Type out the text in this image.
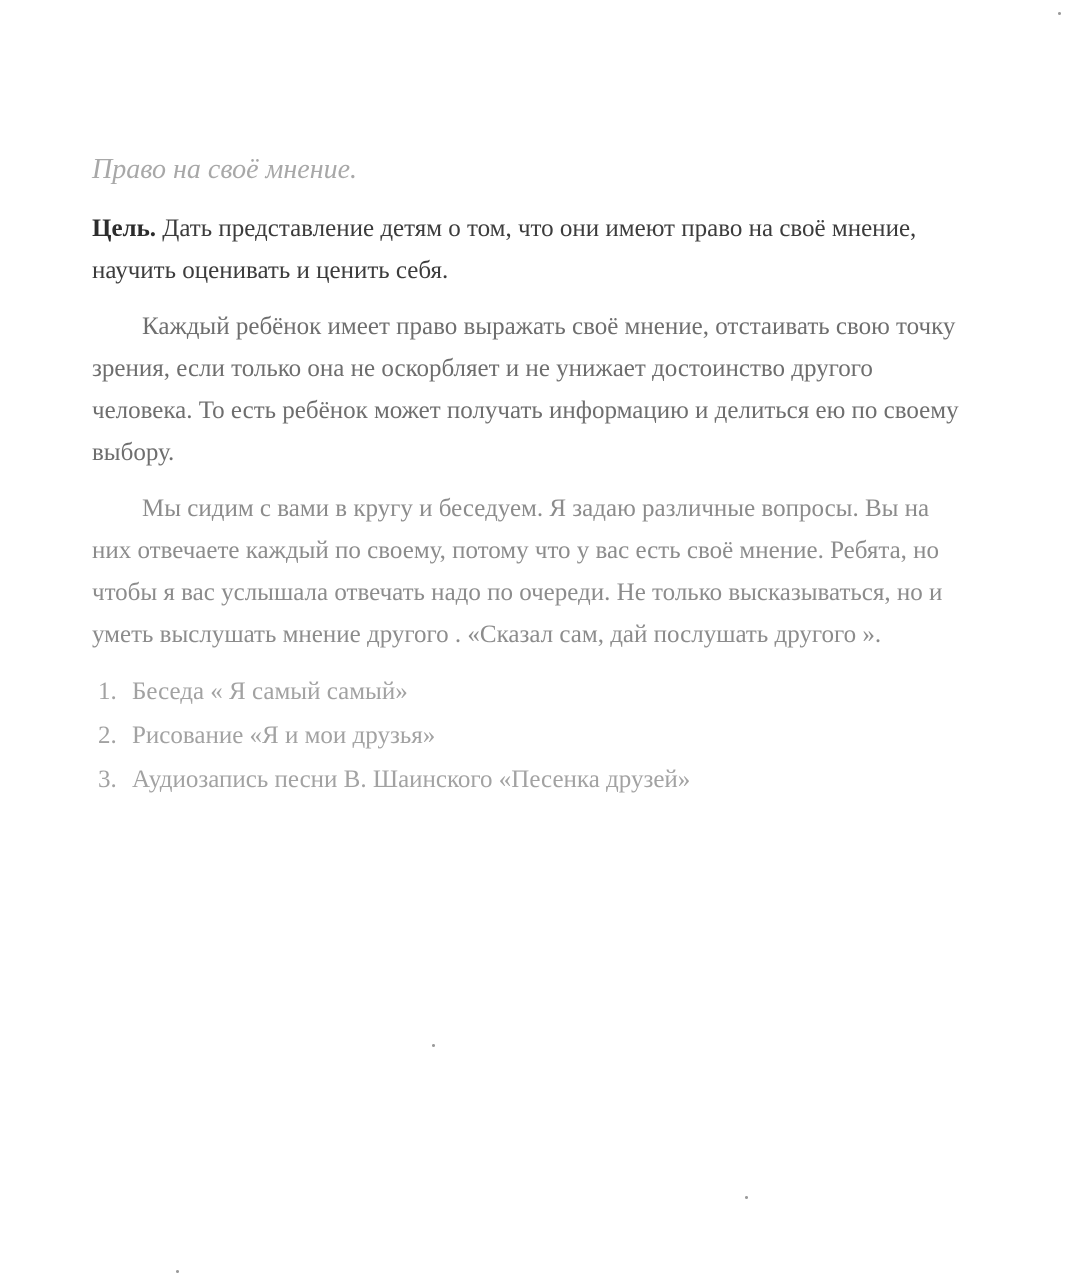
Право на своё мнение.

Цель. Дать представление детям о том, что они имеют право на своё мнение, научить оценивать и ценить себя.

Каждый ребёнок имеет право выражать своё мнение, отстаивать свою точку зрения, если только она не оскорбляет и не унижает достоинство другого человека. То есть ребёнок может получать информацию и делиться ею по своему выбору.

Мы сидим с вами в кругу и беседуем. Я задаю различные вопросы. Вы на них отвечаете каждый по своему, потому что у вас есть своё мнение. Ребята, но чтобы я вас услышала отвечать надо по очереди. Не только высказываться, но и уметь выслушать мнение другого . «Сказал сам, дай послушать другого ».

1. Беседа « Я самый самый»
2. Рисование «Я и мои друзья»
3. Аудиозапись песни В. Шаинского «Песенка друзей»
